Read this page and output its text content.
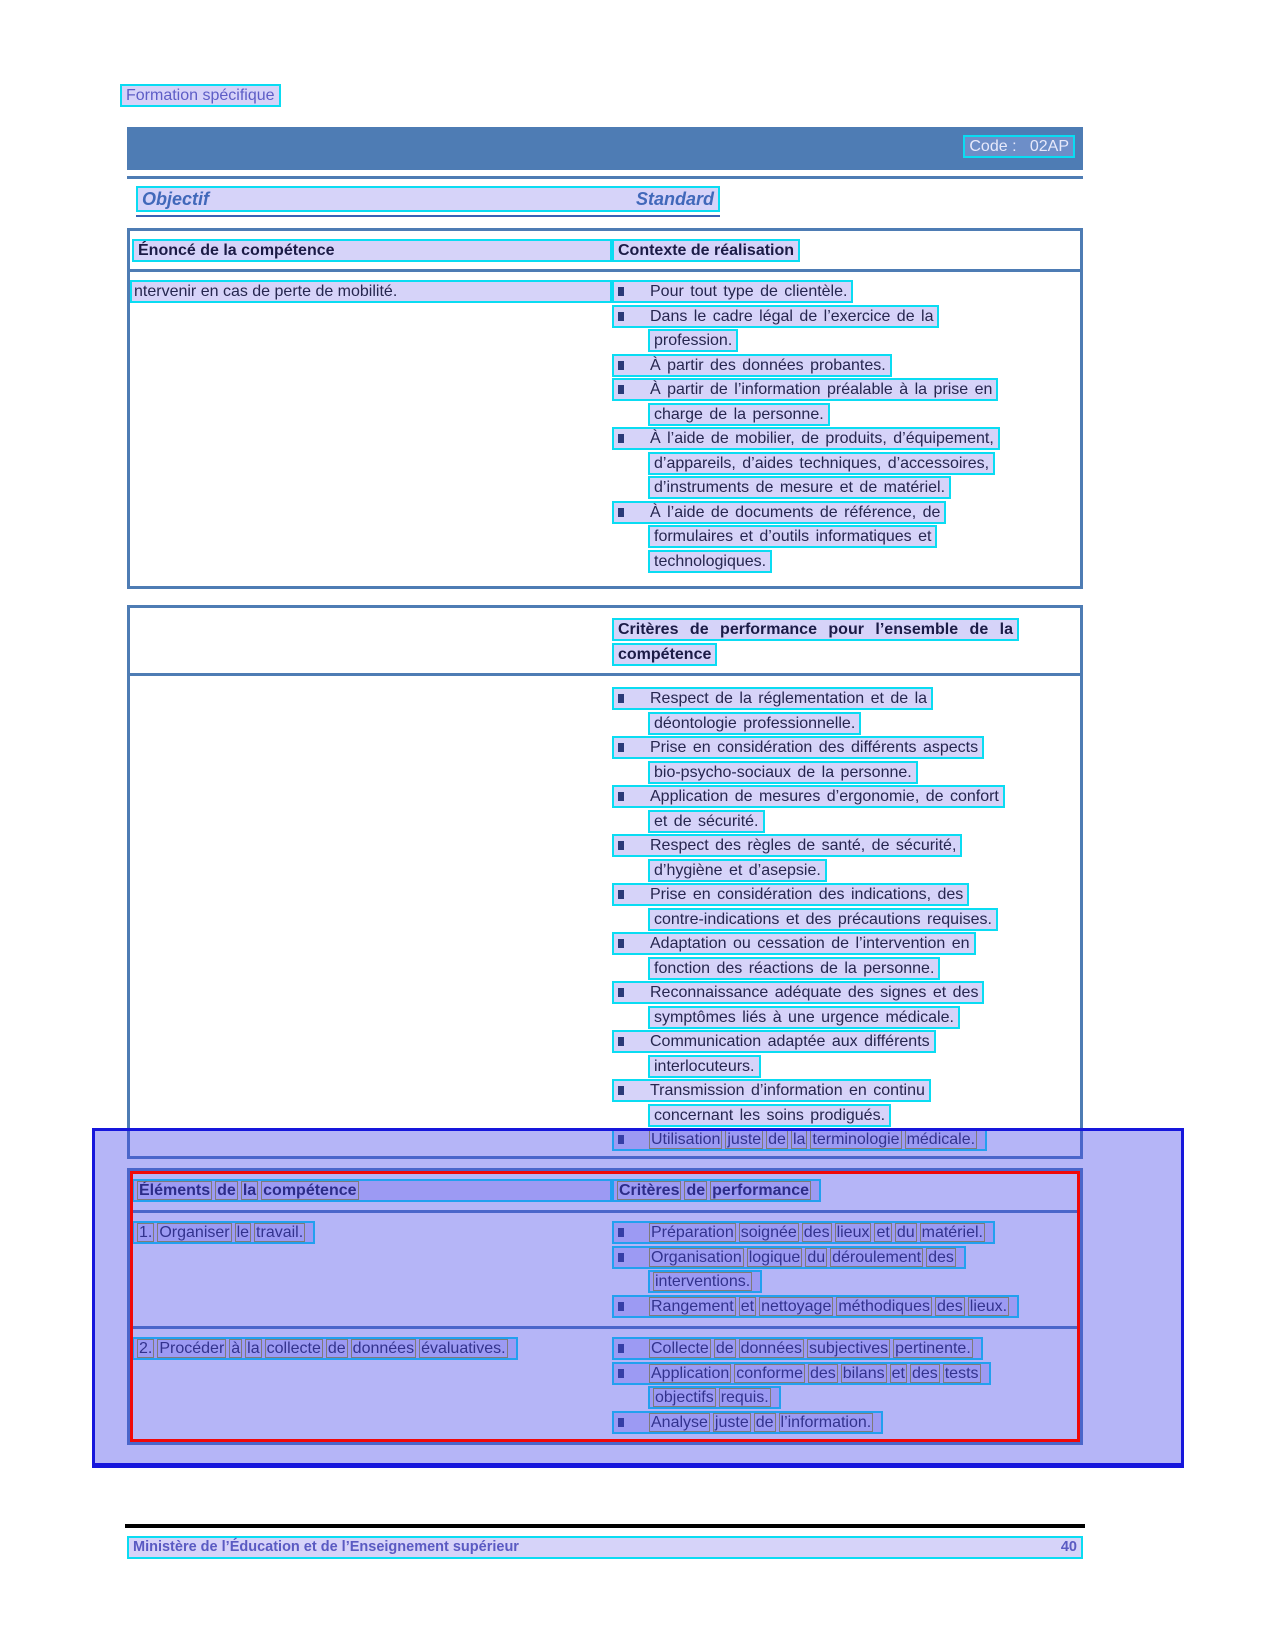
Formation spécifique
Code :   02AP
Objectif	Standard
Énoncé de la compétence	Contexte de réalisation
ntervenir en cas de perte de mobilité.	Pour tout type de clientèle.
Dans le cadre légal de l’exercice de la
profession.
À partir des données probantes.
À partir de l’information préalable à la prise en
charge de la personne.
À l’aide de mobilier, de produits, d’équipement,
d’appareils, d’aides techniques, d’accessoires,
d’instruments de mesure et de matériel.
À l’aide de documents de référence, de
formulaires et d’outils informatiques et
technologiques.
Critères de performance pour l’ensemble de la
compétence
Respect de la réglementation et de la
déontologie professionnelle.
Prise en considération des différents aspects
bio-psycho-sociaux de la personne.
Application de mesures d’ergonomie, de confort
et de sécurité.
Respect des règles de santé, de sécurité,
d’hygiène et d’asepsie.
Prise en considération des indications, des
contre-indications et des précautions requises.
Adaptation ou cessation de l’intervention en
fonction des réactions de la personne.
Reconnaissance adéquate des signes et des
symptômes liés à une urgence médicale.
Communication adaptée aux différents
interlocuteurs.
Transmission d’information en continu
concernant les soins prodigués.
Utilisation juste de la terminologie médicale.
Éléments de la compétence	Critères de performance
1. Organiser le travail.	Préparation soignée des lieux et du matériel.
Organisation logique du déroulement des
interventions.
Rangement et nettoyage méthodiques des lieux.
2. Procéder à la collecte de données évaluatives.	Collecte de données subjectives pertinente.
Application conforme des bilans et des tests
objectifs requis.
Analyse juste de l’information.
Ministère de l’Éducation et de l’Enseignement supérieur	40
